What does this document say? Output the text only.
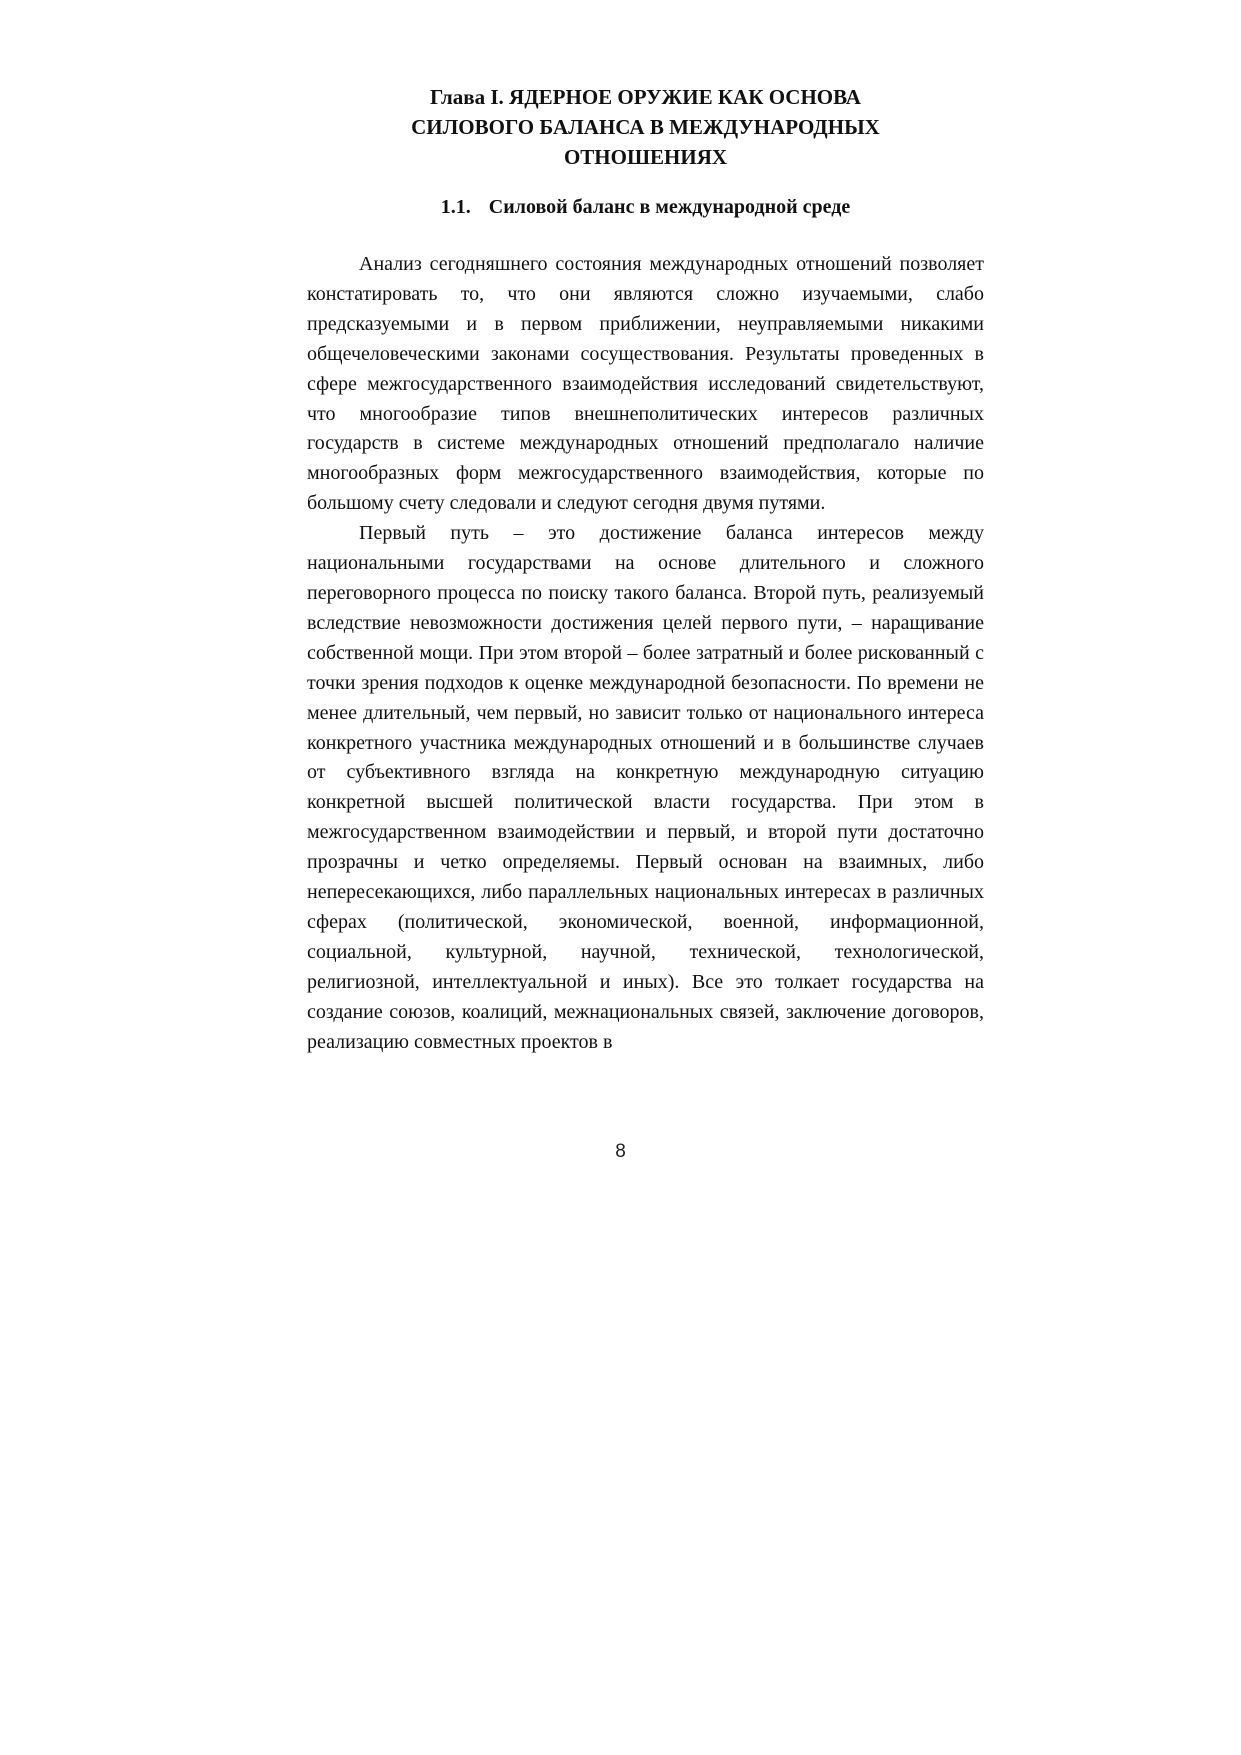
Глава I. ЯДЕРНОЕ ОРУЖИЕ КАК ОСНОВА
СИЛОВОГО БАЛАНСА В МЕЖДУНАРОДНЫХ
ОТНОШЕНИЯХ
1.1. Силовой баланс в международной среде

Анализ сегодняшнего состояния международных отношений позволяет констатировать то, что они являются сложно изучаемыми, слабо предсказуемыми и в первом приближении, неуправляемыми никакими общечеловеческими законами сосуществования. Результаты проведенных в сфере межгосударственного взаимодействия исследований свидетельствуют, что многообразие типов внешнеполитических интересов различных государств в системе международных отношений предполагало наличие многообразных форм межгосударственного взаимодействия, которые по большому счету следовали и следуют сегодня двумя путями.

Первый путь – это достижение баланса интересов между национальными государствами на основе длительного и сложного переговорного процесса по поиску такого баланса. Второй путь, реализуемый вследствие невозможности достижения целей первого пути, – наращивание собственной мощи. При этом второй – более затратный и более рискованный с точки зрения подходов к оценке международной безопасности. По времени не менее длительный, чем первый, но зависит только от национального интереса конкретного участника международных отношений и в большинстве случаев от субъективного взгляда на конкретную международную ситуацию конкретной высшей политической власти государства. При этом в межгосударственном взаимодействии и первый, и второй пути достаточно прозрачны и четко определяемы. Первый основан на взаимных, либо непересекающихся, либо параллельных национальных интересах в различных сферах (политической, экономической, военной, информационной, социальной, культурной, научной, технической, технологической, религиозной, интеллектуальной и иных). Все это толкает государства на создание союзов, коалиций, межнациональных связей, заключение договоров, реализацию совместных проектов в

8
